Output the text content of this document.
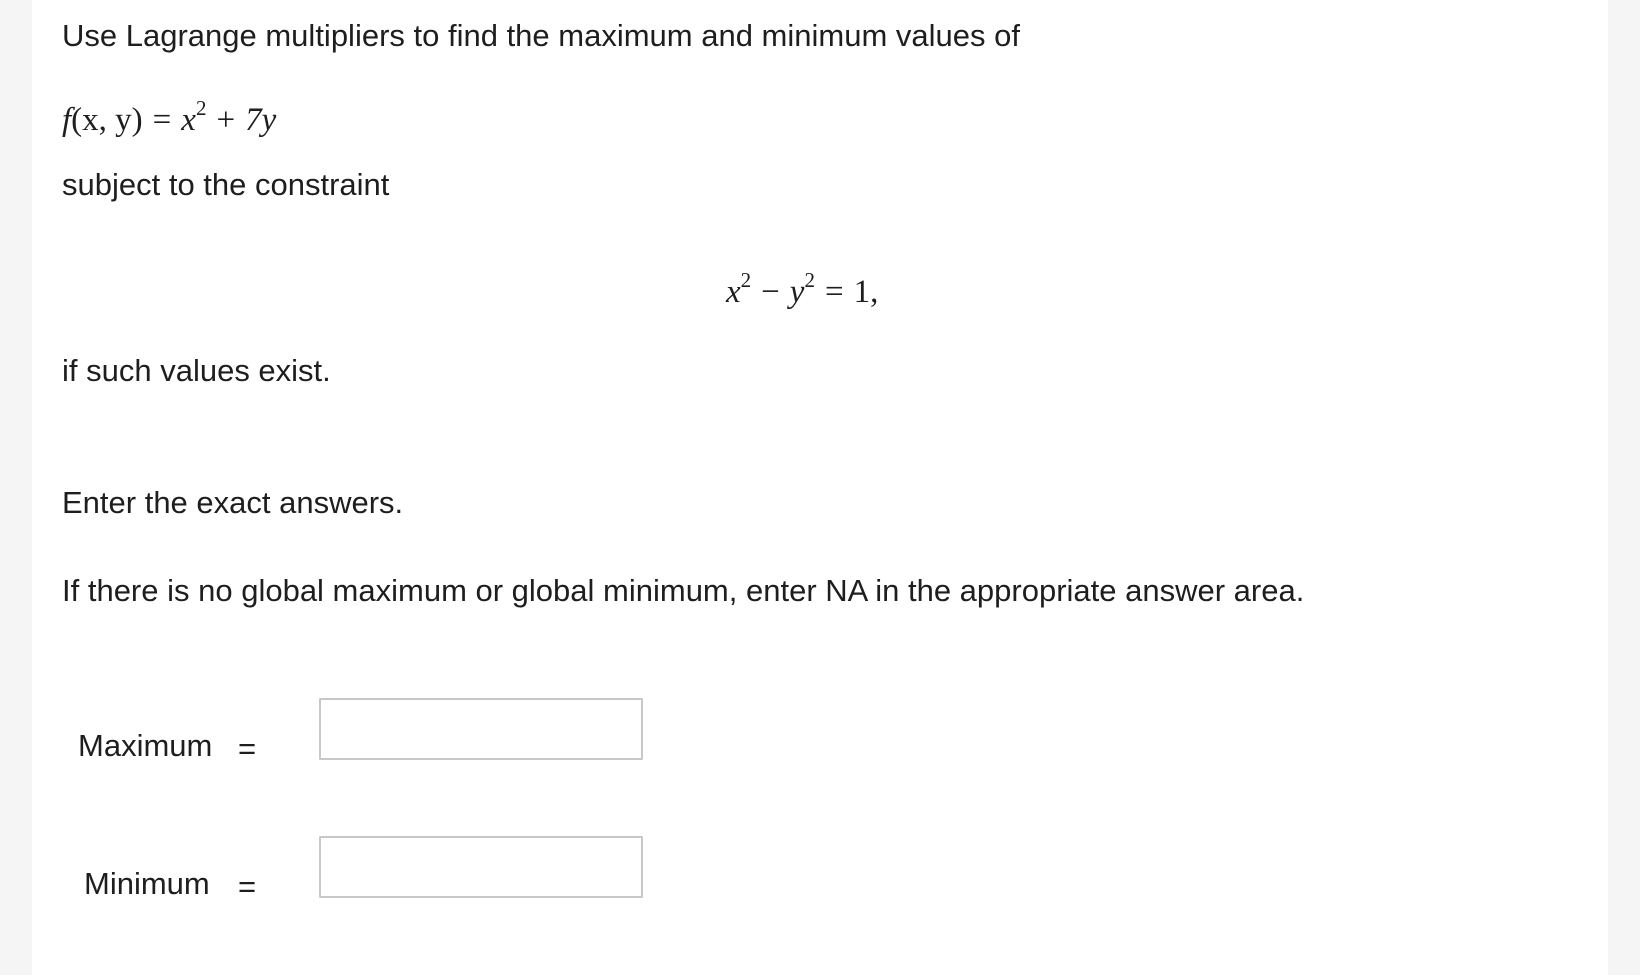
Use Lagrange multipliers to find the maximum and minimum values of
f(x, $y) = x^2 + 7y$
subject to the constraint
$x^2 - y^2 = 1$,
if such values exist.
Enter the exact answers.
If there is no global maximum or global minimum, enter NA in the appropriate answer area.
Maximum =
Minimum =
